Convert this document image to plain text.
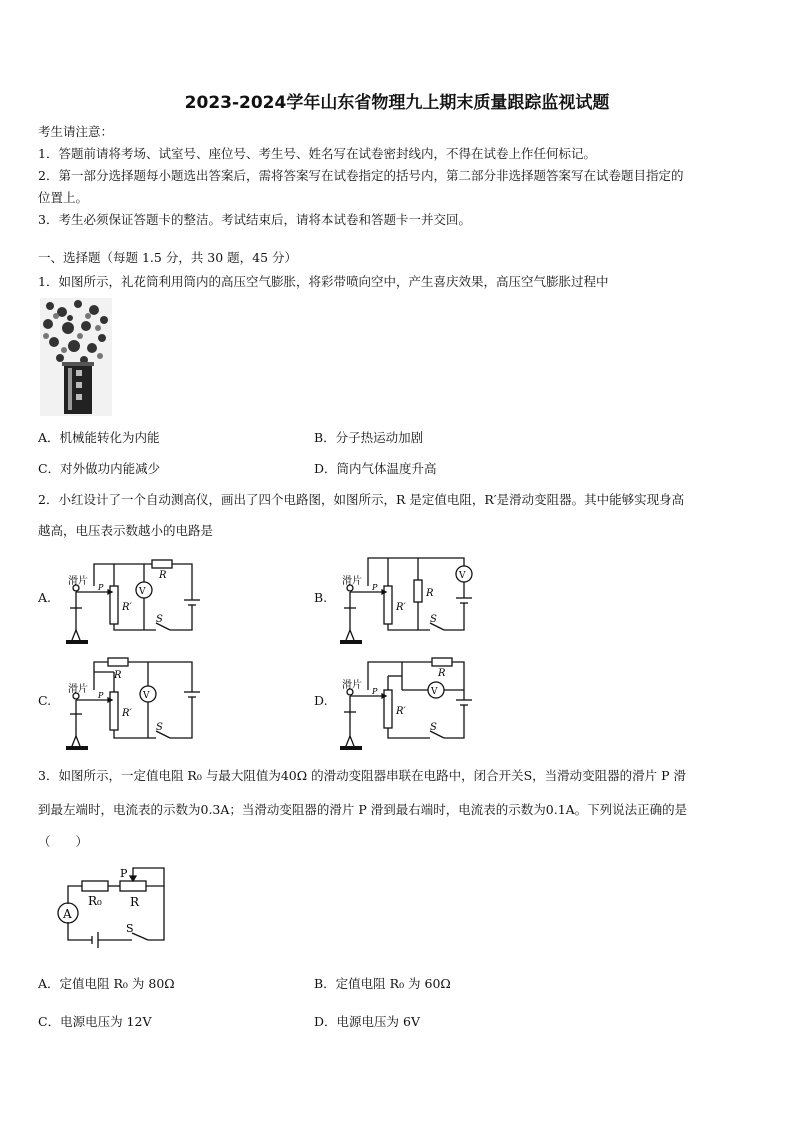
2023-2024学年山东省物理九上期末质量跟踪监视试题
考生请注意：
1．答题前请将考场、试室号、座位号、考生号、姓名写在试卷密封线内，不得在试卷上作任何标记。
2．第一部分选择题每小题选出答案后，需将答案写在试卷指定的括号内，第二部分非选择题答案写在试卷题目指定的
位置上。
3．考生必须保证答题卡的整洁。考试结束后，请将本试卷和答题卡一并交回。
一、选择题（每题 1.5 分，共 30 题，45 分）
1．如图所示，礼花筒利用筒内的高压空气膨胀，将彩带喷向空中，产生喜庆效果，高压空气膨胀过程中
A．机械能转化为内能	B．分子热运动加剧
C．对外做功内能减少	D．筒内气体温度升高
2．小红设计了一个自动测高仪，画出了四个电路图，如图所示，R 是定值电阻，R′是滑动变阻器。其中能够实现身高
越高，电压表示数越小的电路是
A.	B.
C.	D.
滑片
P
R′
R
V
S
滑片
P
R′
R
V
S
滑片
P
R′
R
V
S
滑片
P
R′
R
V
S
3．如图所示，一定值电阻 R₀ 与最大阻值为40Ω 的滑动变阻器串联在电路中，闭合开关S，当滑动变阻器的滑片 P 滑
到最左端时，电流表的示数为0.3A；当滑动变阻器的滑片 P 滑到最右端时，电流表的示数为0.1A。下列说法正确的是
（　　）
A
R₀ R
P
S
A．定值电阻 R₀ 为 80Ω	B．定值电阻 R₀ 为 60Ω
C．电源电压为 12V	D．电源电压为 6V
